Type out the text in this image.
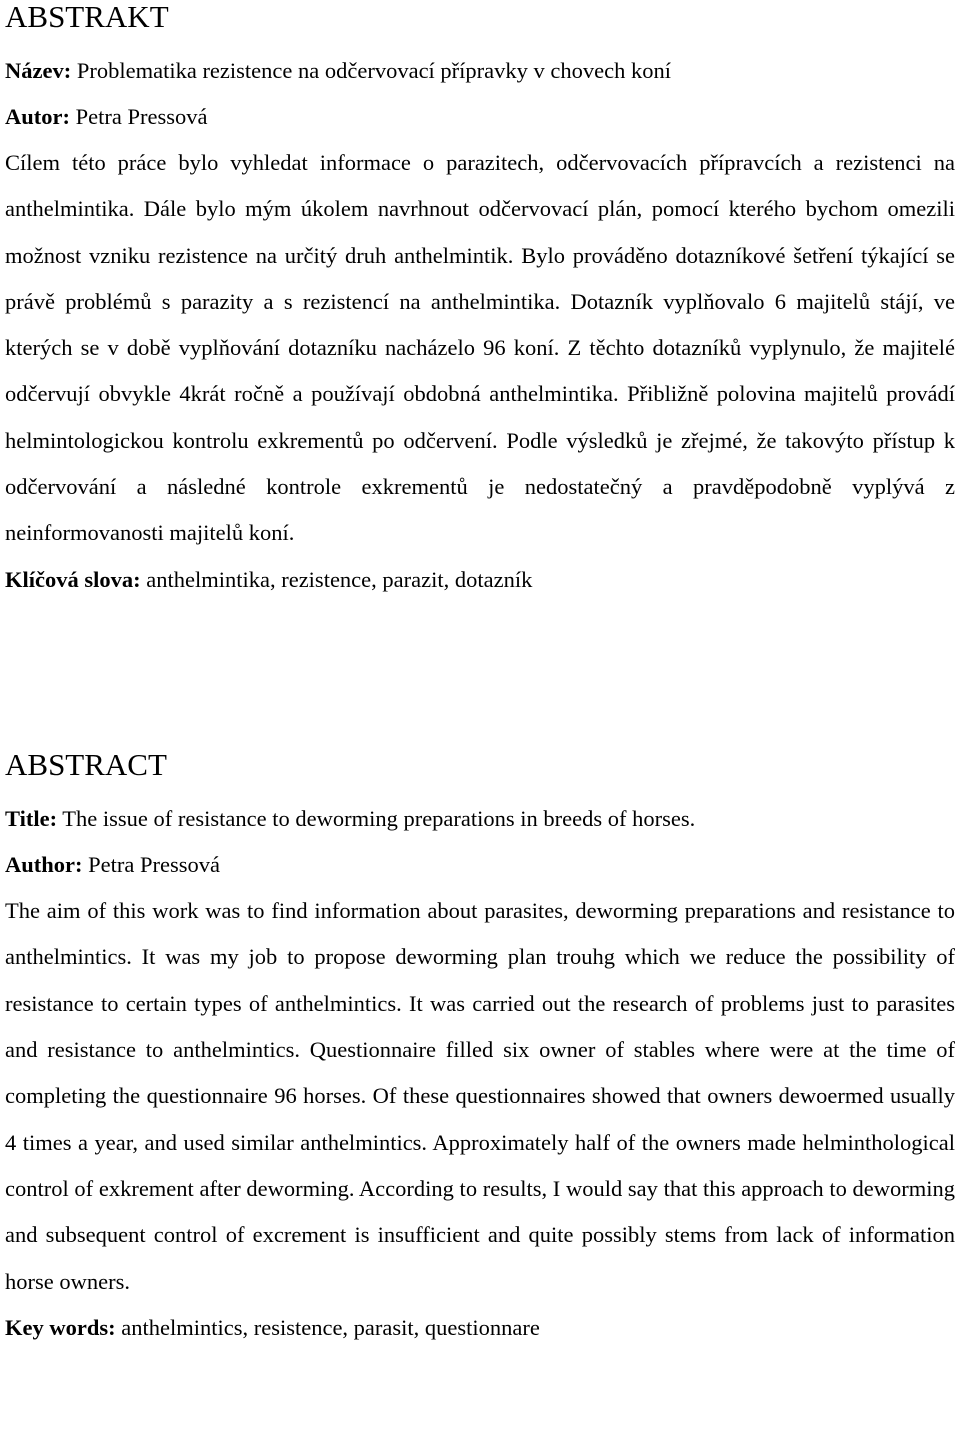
ABSTRAKT

Název: Problematika rezistence na odčervovací přípravky v chovech koní

Autor: Petra Pressová

Cílem této práce bylo vyhledat informace o parazitech, odčervovacích přípravcích a rezistenci na anthelmintika. Dále bylo mým úkolem navrhnout odčervovací plán, pomocí kterého bychom omezili možnost vzniku rezistence na určitý druh anthelmintik. Bylo prováděno dotazníkové šetření týkající se právě problémů s parazity a s rezistencí na anthelmintika. Dotazník vyplňovalo 6 majitelů stájí, ve kterých se v době vyplňování dotazníku nacházelo 96 koní. Z těchto dotazníků vyplynulo, že majitelé odčervují obvykle 4krát ročně a používají obdobná anthelmintika. Přibližně polovina majitelů provádí helmintologickou kontrolu exkrementů po odčervení. Podle výsledků je zřejmé, že takovýto přístup k odčervování a následné kontrole exkrementů je nedostatečný a pravděpodobně vyplývá z neinformovanosti majitelů koní.

Klíčová slova: anthelmintika, rezistence, parazit, dotazník

ABSTRACT

Title: The issue of resistance to deworming preparations in breeds of horses.

Author: Petra Pressová

The aim of this work was to find information about parasites, deworming preparations and resistance to anthelmintics. It was my job to propose deworming plan trouhg which we reduce the possibility of resistance to certain types of anthelmintics. It was carried out the research of problems just to parasites and resistance to anthelmintics. Questionnaire filled six owner of stables where were at the time of completing the questionnaire 96 horses. Of these questionnaires showed that owners dewoermed usually 4 times a year, and used similar anthelmintics. Approximately half of the owners made helminthological control of exkrement after deworming. According to results, I would say that this approach to deworming and subsequent control of excrement is insufficient and quite possibly stems from lack of information horse owners.

Key words: anthelmintics, resistence, parasit, questionnare
